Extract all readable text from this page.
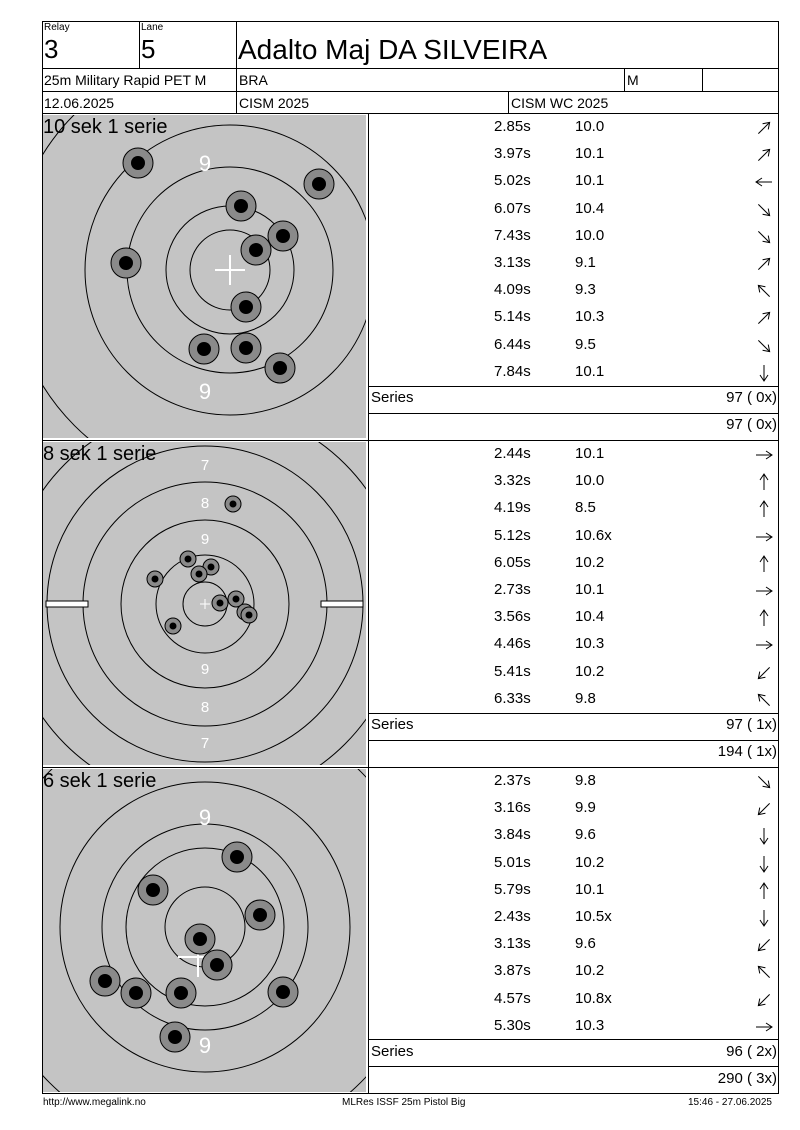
Relay
3
Lane
5	Adalto Maj DA SILVEIRA
25m Military Rapid PET M BRA	M
12.06.2025	CISM 2025	CISM WC 2025
9
9
10 sek 1 serie
7
8
9
9
8
7
8 sek 1 serie
9
9
6 sek 1 serie
2.85s	10.0
3.97s	10.1
5.02s	10.1
6.07s	10.4
7.43s	10.0
3.13s	9.1
4.09s	9.3
5.14s	10.3
6.44s	9.5
7.84s	10.1
Series	97 ( 0x)
97 ( 0x)
2.44s	10.1
3.32s	10.0
4.19s	8.5
5.12s	10.6x
6.05s	10.2
2.73s	10.1
3.56s	10.4
4.46s	10.3
5.41s	10.2
6.33s	9.8
Series	97 ( 1x)
194 ( 1x)
2.37s	9.8
3.16s	9.9
3.84s	9.6
5.01s	10.2
5.79s	10.1
2.43s	10.5x
3.13s	9.6
3.87s	10.2
4.57s	10.8x
5.30s	10.3
Series	96 ( 2x)
290 ( 3x)
http://www.megalink.no	MLRes ISSF 25m Pistol Big	15:46 - 27.06.2025
